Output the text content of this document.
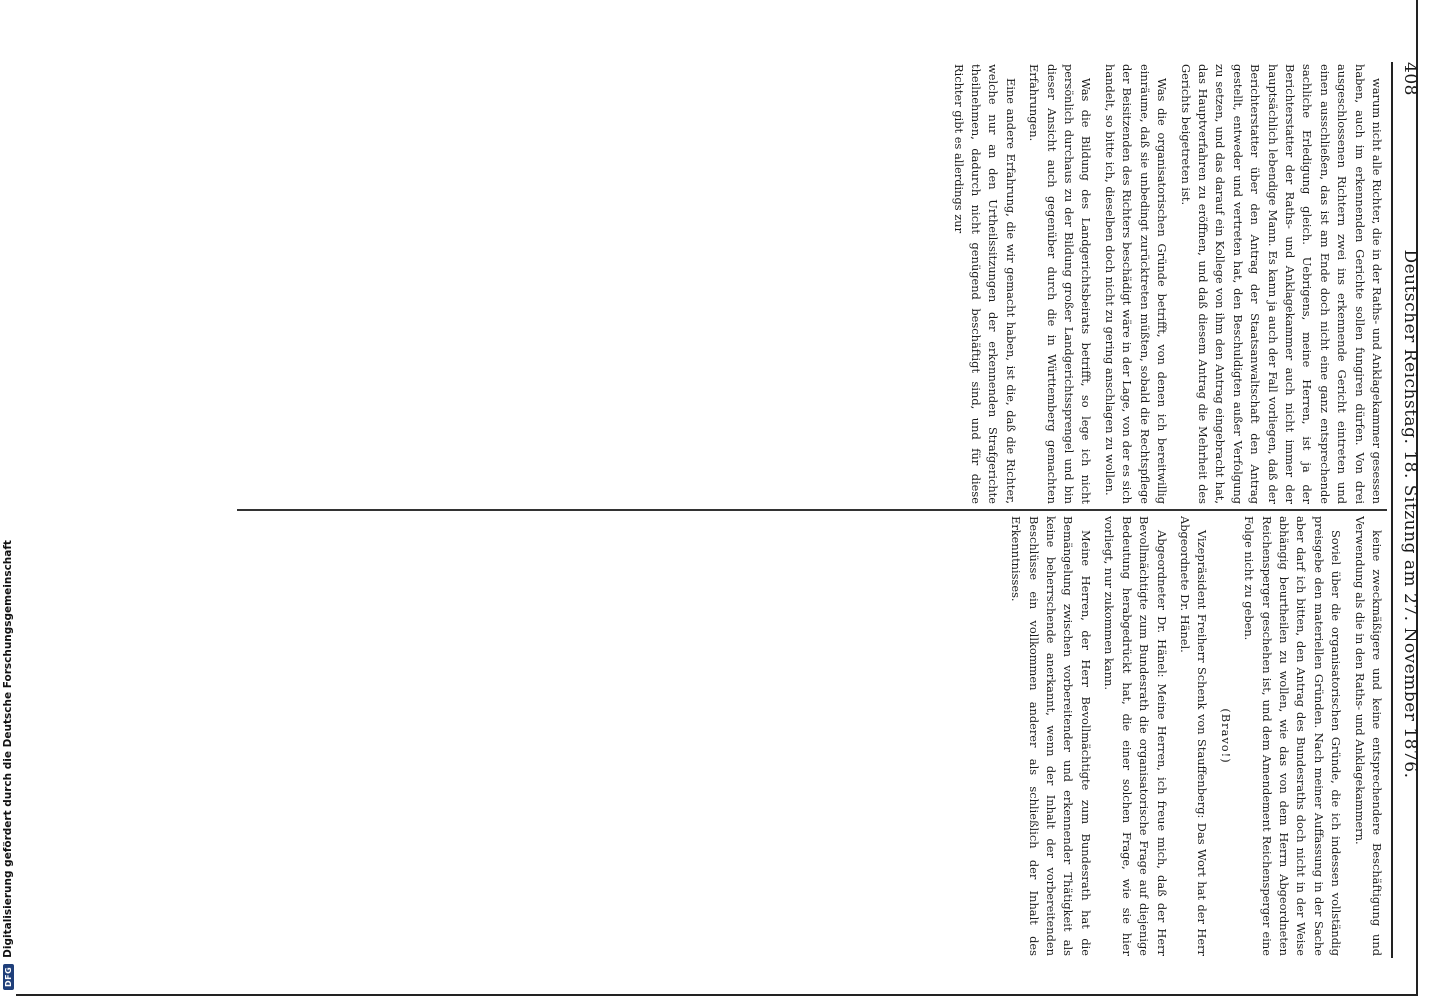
DFG
Digitalisierung gefördert durch die Deutsche Forschungsgemeinschaft
408
Deutscher Reichstag. 18. Sitzung am 27. November 1876.

warum nicht alle Richter, die in der Raths- und Anklagekammer gesessen haben, auch im erkennenden Gerichte sollen fungiren dürfen. Von drei ausgeschlossenen Richtern zwei ins erkennende Gericht eintreten und einen ausschließen, das ist am Ende doch nicht eine ganz entsprechende sachliche Erledigung gleich. Uebrigens, meine Herren, ist ja der Berichterstatter der Raths- und Anklagekammer auch nicht immer der hauptsächlich lebendige Mann. Es kann ja auch der Fall vorliegen, daß der Berichterstatter über den Antrag der Staatsanwaltschaft den Antrag gestellt, entweder und vertreten hat, den Beschuldigten außer Verfolgung zu setzen, und das darauf ein Kollege von ihm den Antrag eingebracht hat, das Hauptverfahren zu eröffnen, und daß diesem Antrag die Mehrheit des Gerichts beigetreten ist.

Was die organisatorischen Gründe betrifft, von denen ich bereitwillig einräume, daß sie unbedingt zurücktreten müßten, sobald die Rechtspflege der Beisitzenden des Richters beschädigt wäre in der Lage, von der es sich handelt, so bitte ich, dieselben doch nicht zu gering anschlagen zu wollen.

Was die Bildung des Landgerichtsbeirats betrifft, so lege ich nicht persönlich durchaus zu der Bildung großer Landgerichtssprengel und bin dieser Ansicht auch gegenüber durch die in Württemberg gemachten Erfahrungen.

Eine andere Erfahrung, die wir gemacht haben, ist die, daß die Richter, welche nur an den Urtheilssitzungen der erkennenden Strafgerichte theilnehmen, dadurch nicht genügend beschäftigt sind, und für diese Richter gibt es allerdings zur

keine zweckmäßigere und keine entsprechendere Beschäftigung und Verwendung als die in den Raths- und Anklagekammern.

Soviel über die organisatorischen Gründe, die ich indessen vollständig preisgebe den materiellen Gründen. Nach meiner Auffassung in der Sache aber darf ich bitten, den Antrag des Bundesraths doch nicht in der Weise abhängig beurtheilen zu wollen, wie das von dem Herrn Abgeordneten Reichensperger geschehen ist, und dem Amendement Reichensperger eine Folge nicht zu geben.

(Bravo!)

Vizepräsident Freiherr Schenk von Stauffenberg: Das Wort hat der Herr Abgeordnete Dr. Hänel.

Abgeordneter Dr. Hänel: Meine Herren, ich freue mich, daß der Herr Bevollmächtigte zum Bundesrath die organisatorische Frage auf diejenige Bedeutung herabgedrückt hat, die einer solchen Frage, wie sie hier vorliegt, nur zukommen kann.

Meine Herren, der Herr Bevollmächtigte zum Bundesrath hat die Bemängelung zwischen vorbereitender und erkennender Thätigkeit als keine beherrschende anerkannt, wenn der Inhalt der vorbereitenden Beschlüsse ein vollkommen anderer als schließlich der Inhalt des Erkenntnisses.
